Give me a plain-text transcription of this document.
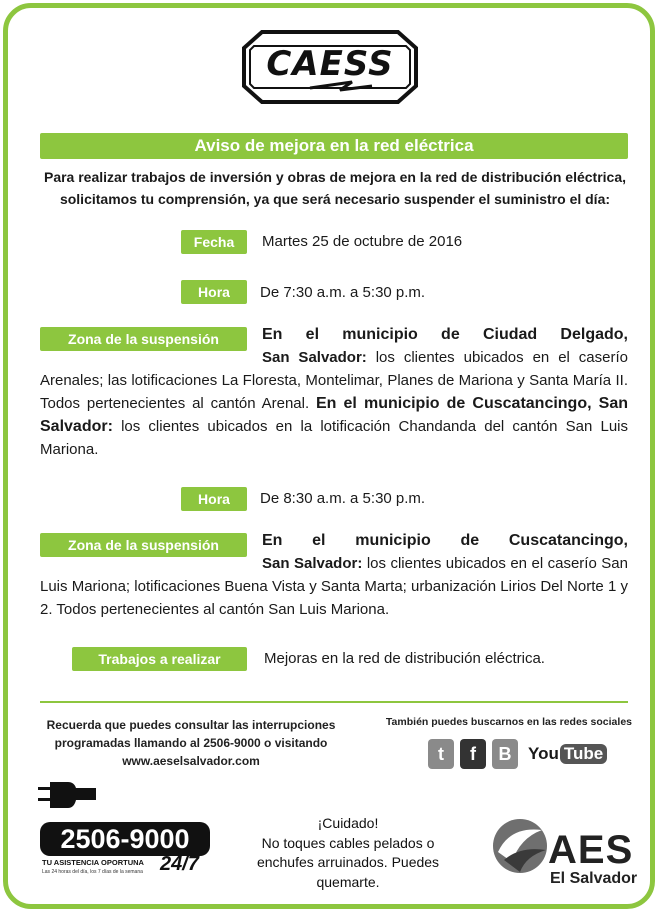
CAESS
Aviso de mejora en la red eléctrica
Para realizar trabajos de inversión y obras de mejora en la red de distribución eléctrica, solicitamos tu comprensión, ya que será necesario suspender el suministro el día:
Fecha	Martes 25 de octubre de 2016
Hora	De 7:30 a.m. a 5:30 p.m.
Zona de la suspensión	En el municipio de Ciudad Delgado,
San Salvador: los clientes ubicados en el caserío Arenales; las lotificaciones La Floresta, Montelimar, Planes de Mariona y Santa María II. Todos pertenecientes al cantón Arenal. En el municipio de Cuscatancingo, San Salvador: los clientes ubicados en la lotificación Chandanda del cantón San Luis Mariona.
Hora	De 8:30 a.m. a 5:30 p.m.
Zona de la suspensión	En el municipio de Cuscatancingo,
San Salvador: los clientes ubicados en el caserío San Luis Mariona; lotificaciones Buena Vista y Santa Marta; urbanización Lirios Del Norte 1 y 2. Todos pertenecientes al cantón San Luis Mariona.
Trabajos a realizar	Mejoras en la red de distribución eléctrica.
Recuerda que puedes consultar las interrupciones
programadas llamando al 2506-9000 o visitando
www.aeselsalvador.com
También puedes buscarnos en las redes sociales
t f B You Tube
2506-9000
TU ASISTENCIA OPORTUNA 24/7
Las 24 horas del día, los 7 días de la semana
¡Cuidado!
No toques cables pelados o
enchufes arruinados. Puedes
quemarte.
AES
El Salvador
